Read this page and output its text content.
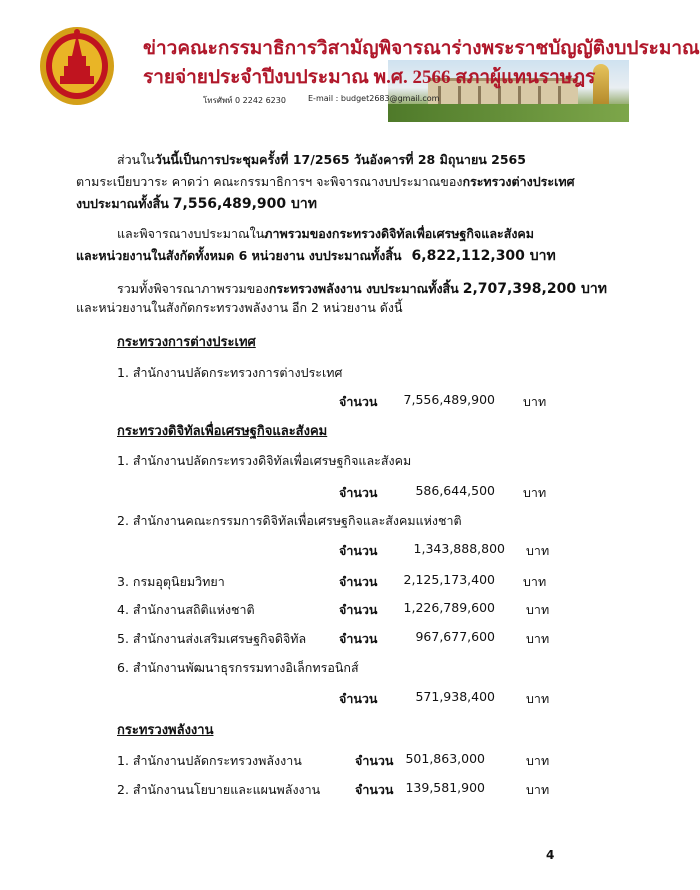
ข่าวคณะกรรมาธิการวิสามัญพิจารณาร่างพระราชบัญญัติงบประมาณ
รายจ่ายประจำปีงบประมาณ พ.ศ. 2566 สภาผู้แทนราษฎร
โทรศัพท์ 0 2242 6230	E-mail : budget2683@gmail.com
ส่วนในวันนี้เป็นการประชุมครั้งที่ 17/2565 วันอังคารที่ 28 มิถุนายน 2565
ตามระเบียบวาระ คาดว่า คณะกรรมาธิการฯ จะพิจารณางบประมาณของกระทรวงต่างประเทศ
งบประมาณทั้งสิ้น 7,556,489,900 บาท
และพิจารณางบประมาณในภาพรวมของกระทรวงดิจิทัลเพื่อเศรษฐกิจและสังคม
และหน่วยงานในสังกัดทั้งหมด 6 หน่วยงาน งบประมาณทั้งสิ้น 6,822,112,300 บาท
รวมทั้งพิจารณาภาพรวมของกระทรวงพลังงาน งบประมาณทั้งสิ้น 2,707,398,200 บาท
และหน่วยงานในสังกัดกระทรวงพลังงาน อีก 2 หน่วยงาน ดังนี้
กระทรวงการต่างประเทศ
1. สำนักงานปลัดกระทรวงการต่างประเทศ
จำนวน	7,556,489,900 บาท
กระทรวงดิจิทัลเพื่อเศรษฐกิจและสังคม
1. สำนักงานปลัดกระทรวงดิจิทัลเพื่อเศรษฐกิจและสังคม
จำนวน	586,644,500 บาท
2. สำนักงานคณะกรรมการดิจิทัลเพื่อเศรษฐกิจและสังคมแห่งชาติ
จำนวน	1,343,888,800 บาท
3. กรมอุตุนิยมวิทยา	จำนวน	2,125,173,400 บาท
4. สำนักงานสถิติแห่งชาติ	จำนวน	1,226,789,600 บาท
5. สำนักงานส่งเสริมเศรษฐกิจดิจิทัล	จำนวน	967,677,600 บาท
6. สำนักงานพัฒนาธุรกรรมทางอิเล็กทรอนิกส์
จำนวน	571,938,400 บาท
กระทรวงพลังงาน
1. สำนักงานปลัดกระทรวงพลังงาน	จำนวน 501,863,000	บาท
2. สำนักงานนโยบายและแผนพลังงาน	จำนวน 139,581,900	บาท
4
